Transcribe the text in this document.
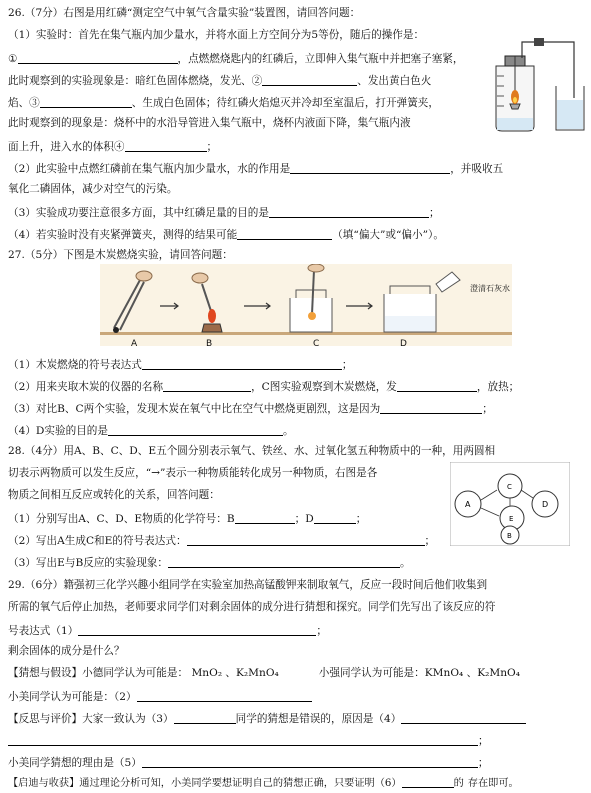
26.（7分）右图是用红磷“测定空气中氧气含量实验”装置图，请回答问题：
（1）实验时：首先在集气瓶内加少量水，并将水面上方空间分为5等份，随后的操作是：
①	，点燃燃烧匙内的红磷后，立即伸入集气瓶中并把塞子塞紧，
此时观察到的实验现象是：暗红色固体燃烧，发光、②	、发出黄白色火
焰、③	、生成白色固体；待红磷火焰熄灭并冷却至室温后，打开弹簧夹，
此时观察到的现象是：烧杯中的水沿导管进入集气瓶中，烧杯内液面下降，集气瓶内液
面上升，进入水的体积④	；
（2）此实验中点燃红磷前在集气瓶内加少量水，水的作用是	，并吸收五
氧化二磷固体，减少对空气的污染。
（3）实验成功要注意很多方面，其中红磷足量的目的是	；
（4）若实验时没有夹紧弹簧夹，测得的结果可能	（填“偏大”或“偏小”）。
27.（5分）下图是木炭燃烧实验，请回答问题：
A	B	C	D
澄清石灰水
（1）木炭燃烧的符号表达式	；
（2）用来夹取木炭的仪器的名称	，C图实验观察到木炭燃烧，发	，放热；
（3）对比B、C两个实验，发现木炭在氧气中比在空气中燃烧更剧烈，这是因为	；
（4）D实验的目的是	。
28.（4分）用A、B、C、D、E五个圆分别表示氧气、铁丝、水、过氧化氢五种物质中的一种，用两圆相
切表示两物质可以发生反应，“→”表示一种物质能转化成另一种物质，右图是各
物质之间相互反应或转化的关系，回答问题：
（1）分别写出A、C、D、E物质的化学符号：B	；D	；
（2）写出A生成C和E的符号表达式：	；
（3）写出E与B反应的实验现象：	。
A
B
C
D
E
29.（6分）籍强初三化学兴趣小组同学在实验室加热高锰酸钾来制取氧气，反应一段时间后他们收集到
所需的氧气后停止加热，老师要求同学们对剩余固体的成分进行猜想和探究。同学们先写出了该反应的符
号表达式（1）	；
剩余固体的成分是什么？
【猜想与假设】小德同学认为可能是： MnO₂ 、K₂MnO₄	小强同学认为可能是：KMnO₄ 、K₂MnO₄
小美同学认为可能是：（2）
【反思与评价】大家一致认为（3）	同学的猜想是错误的，原因是（4）
；
小美同学猜想的理由是（5）	；
【启迪与收获】通过理论分析可知，小美同学要想证明自己的猜想正确，只要证明（6）	的 存在即可。
